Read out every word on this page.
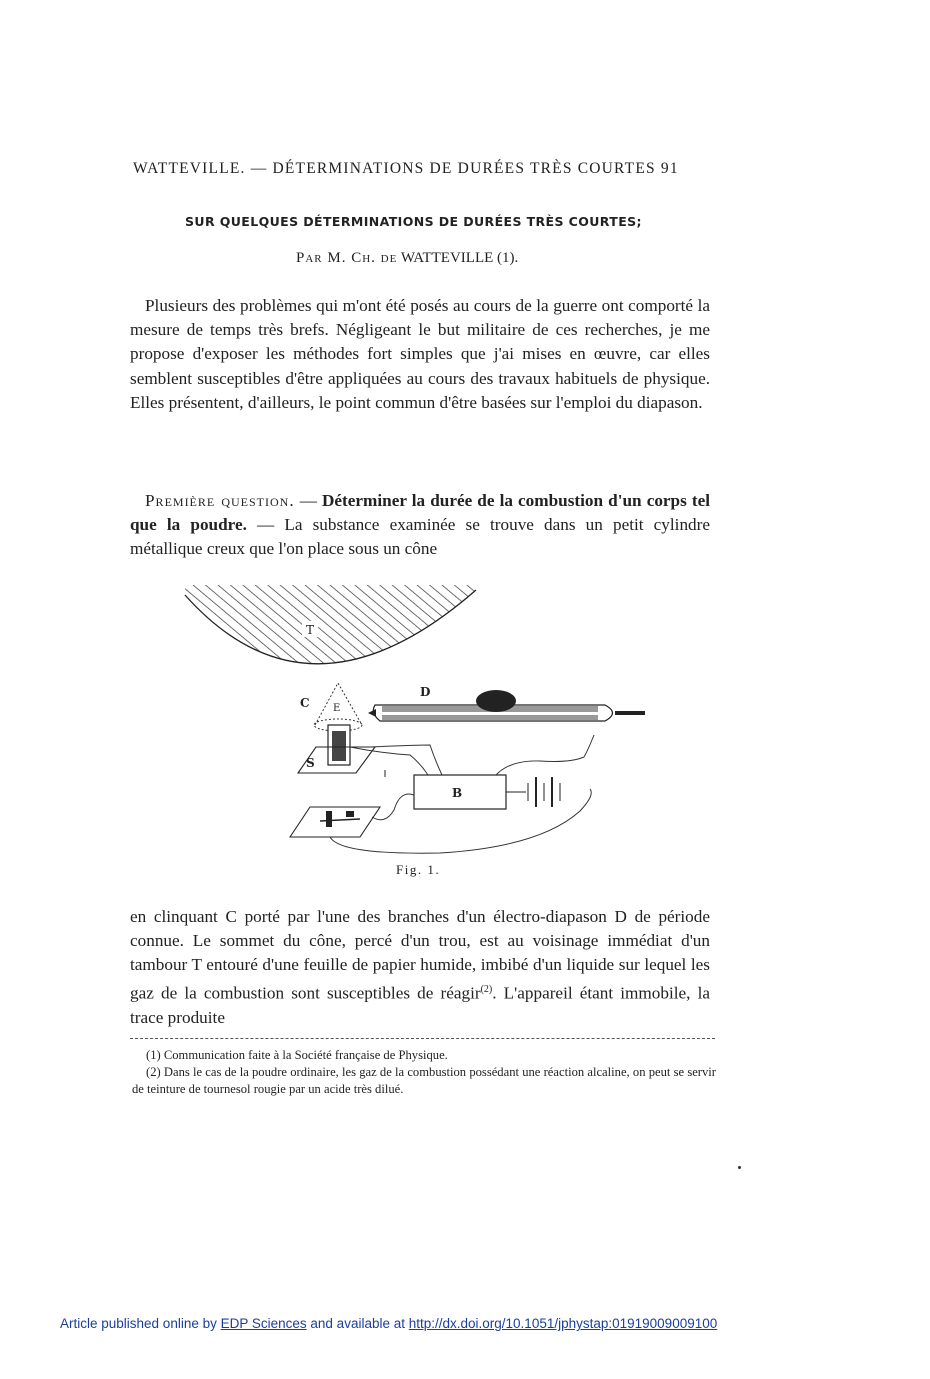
WATTEVILLE. — DÉTERMINATIONS DE DURÉES TRÈS COURTES 91
SUR QUELQUES DÉTERMINATIONS DE DURÉES TRÈS COURTES;
Par M. Ch. de WATTEVILLE (1).
Plusieurs des problèmes qui m'ont été posés au cours de la guerre ont comporté la mesure de temps très brefs. Négligeant le but militaire de ces recherches, je me propose d'exposer les méthodes fort simples que j'ai mises en œuvre, car elles semblent susceptibles d'être appliquées au cours des travaux habituels de physique. Elles présentent, d'ailleurs, le point commun d'être basées sur l'emploi du diapason.
Première question. — Déterminer la durée de la combustion d'un corps tel que la poudre. — La substance examinée se trouve dans un petit cylindre métallique creux que l'on place sous un cône
T
C E
S
D
B
Fig. 1.
en clinquant C porté par l'une des branches d'un électro-diapason D de période connue. Le sommet du cône, percé d'un trou, est au voisinage immédiat d'un tambour T entouré d'une feuille de papier humide, imbibé d'un liquide sur lequel les gaz de la combustion sont susceptibles de réagir$^{(2)}$. L'appareil étant immobile, la trace produite

(1) Communication faite à la Société française de Physique.

(2) Dans le cas de la poudre ordinaire, les gaz de la combustion possédant une réaction alcaline, on peut se servir de teinture de tournesol rougie par un acide très dilué.

Article published online by EDP Sciences and available at http://dx.doi.org/10.1051/jphystap:01919009009100
